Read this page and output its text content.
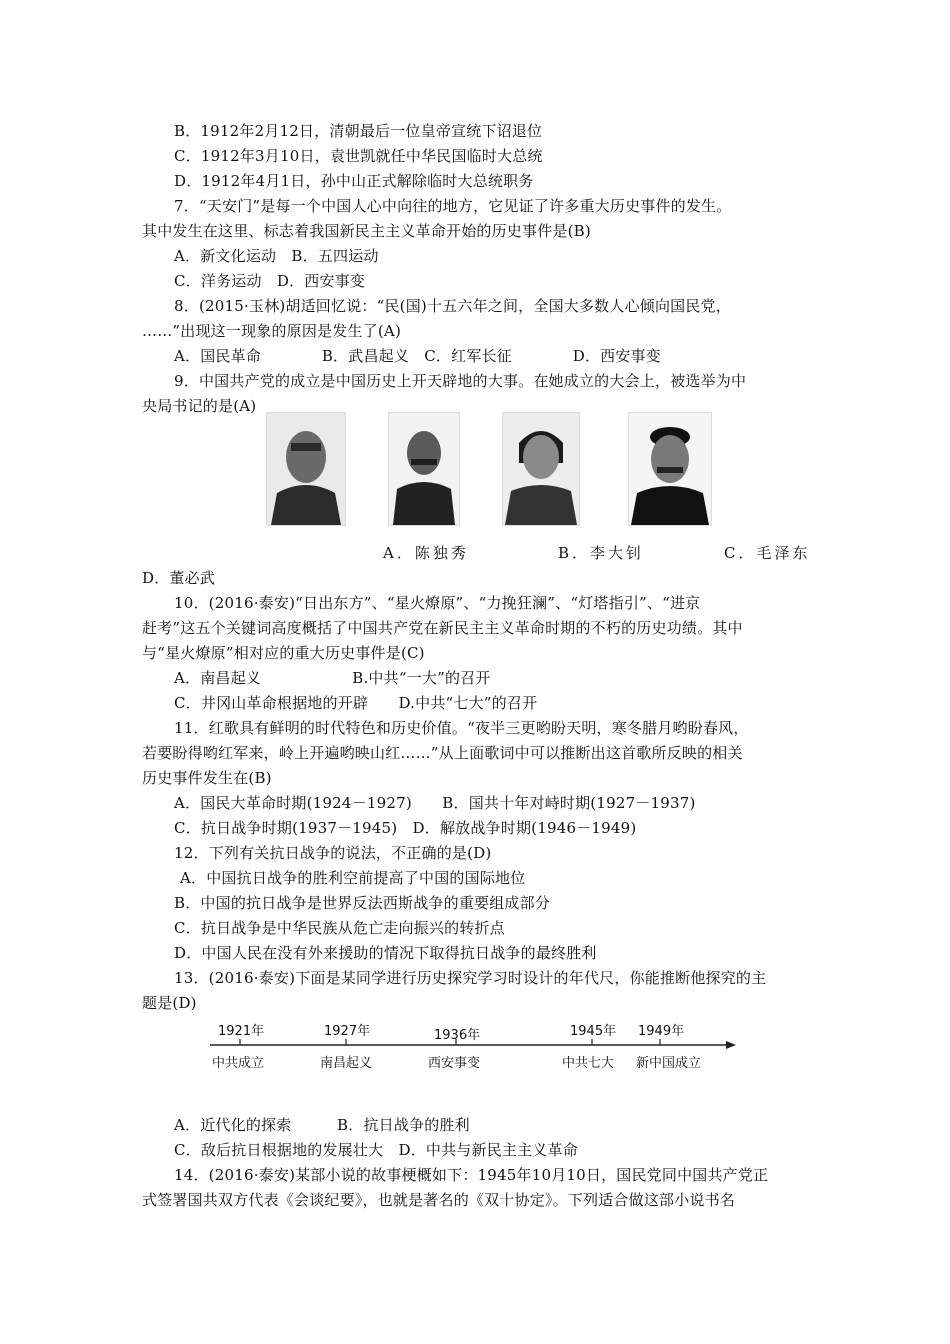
B．1912年2月12日，清朝最后一位皇帝宣统下诏退位
C．1912年3月10日，袁世凯就任中华民国临时大总统
D．1912年4月1日，孙中山正式解除临时大总统职务
7．“天安门”是每一个中国人心中向往的地方，它见证了许多重大历史事件的发生。
其中发生在这里、标志着我国新民主主义革命开始的历史事件是(B)
A．新文化运动　B．五四运动
C．洋务运动　D．西安事变
8．(2015·玉林)胡适回忆说：“民(国)十五六年之间，全国大多数人心倾向国民党，
……”出现这一现象的原因是发生了(A)
A．国民革命　　　　B．武昌起义　C．红军长征　　　　D．西安事变
9．中国共产党的成立是中国历史上开天辟地的大事。在她成立的大会上，被选举为中
央局书记的是(A)
A．陈独秀	B．李大钊	C．毛泽东
D．董必武
10．(2016·泰安)“日出东方”、“星火燎原”、“力挽狂澜”、“灯塔指引”、“进京
赶考”这五个关键词高度概括了中国共产党在新民主主义革命时期的不朽的历史功绩。其中
与“星火燎原”相对应的重大历史事件是(C)
A．南昌起义　　　　　　B.中共“一大”的召开
C．井冈山革命根据地的开辟　　D.中共“七大”的召开
11．红歌具有鲜明的时代特色和历史价值。“夜半三更哟盼天明，寒冬腊月哟盼春风，
若要盼得哟红军来，岭上开遍哟映山红……”从上面歌词中可以推断出这首歌所反映的相关
历史事件发生在(B)
A．国民大革命时期(1924－1927)　　B．国共十年对峙时期(1927－1937)
C．抗日战争时期(1937－1945)　D．解放战争时期(1946－1949)
12．下列有关抗日战争的说法，不正确的是(D)
A．中国抗日战争的胜利空前提高了中国的国际地位
B．中国的抗日战争是世界反法西斯战争的重要组成部分
C．抗日战争是中华民族从危亡走向振兴的转折点
D．中国人民在没有外来援助的情况下取得抗日战争的最终胜利
13．(2016·泰安)下面是某同学进行历史探究学习时设计的年代尺，你能推断他探究的主
题是(D)
1921年	1927年	1936年	1945年 1949年
中共成立	南昌起义	西安事变	中共七大 新中国成立
A．近代化的探索　　　B．抗日战争的胜利
C．敌后抗日根据地的发展壮大　D．中共与新民主主义革命
14．(2016·泰安)某部小说的故事梗概如下：1945年10月10日，国民党同中国共产党正
式签署国共双方代表《会谈纪要》，也就是著名的《双十协定》。下列适合做这部小说书名
